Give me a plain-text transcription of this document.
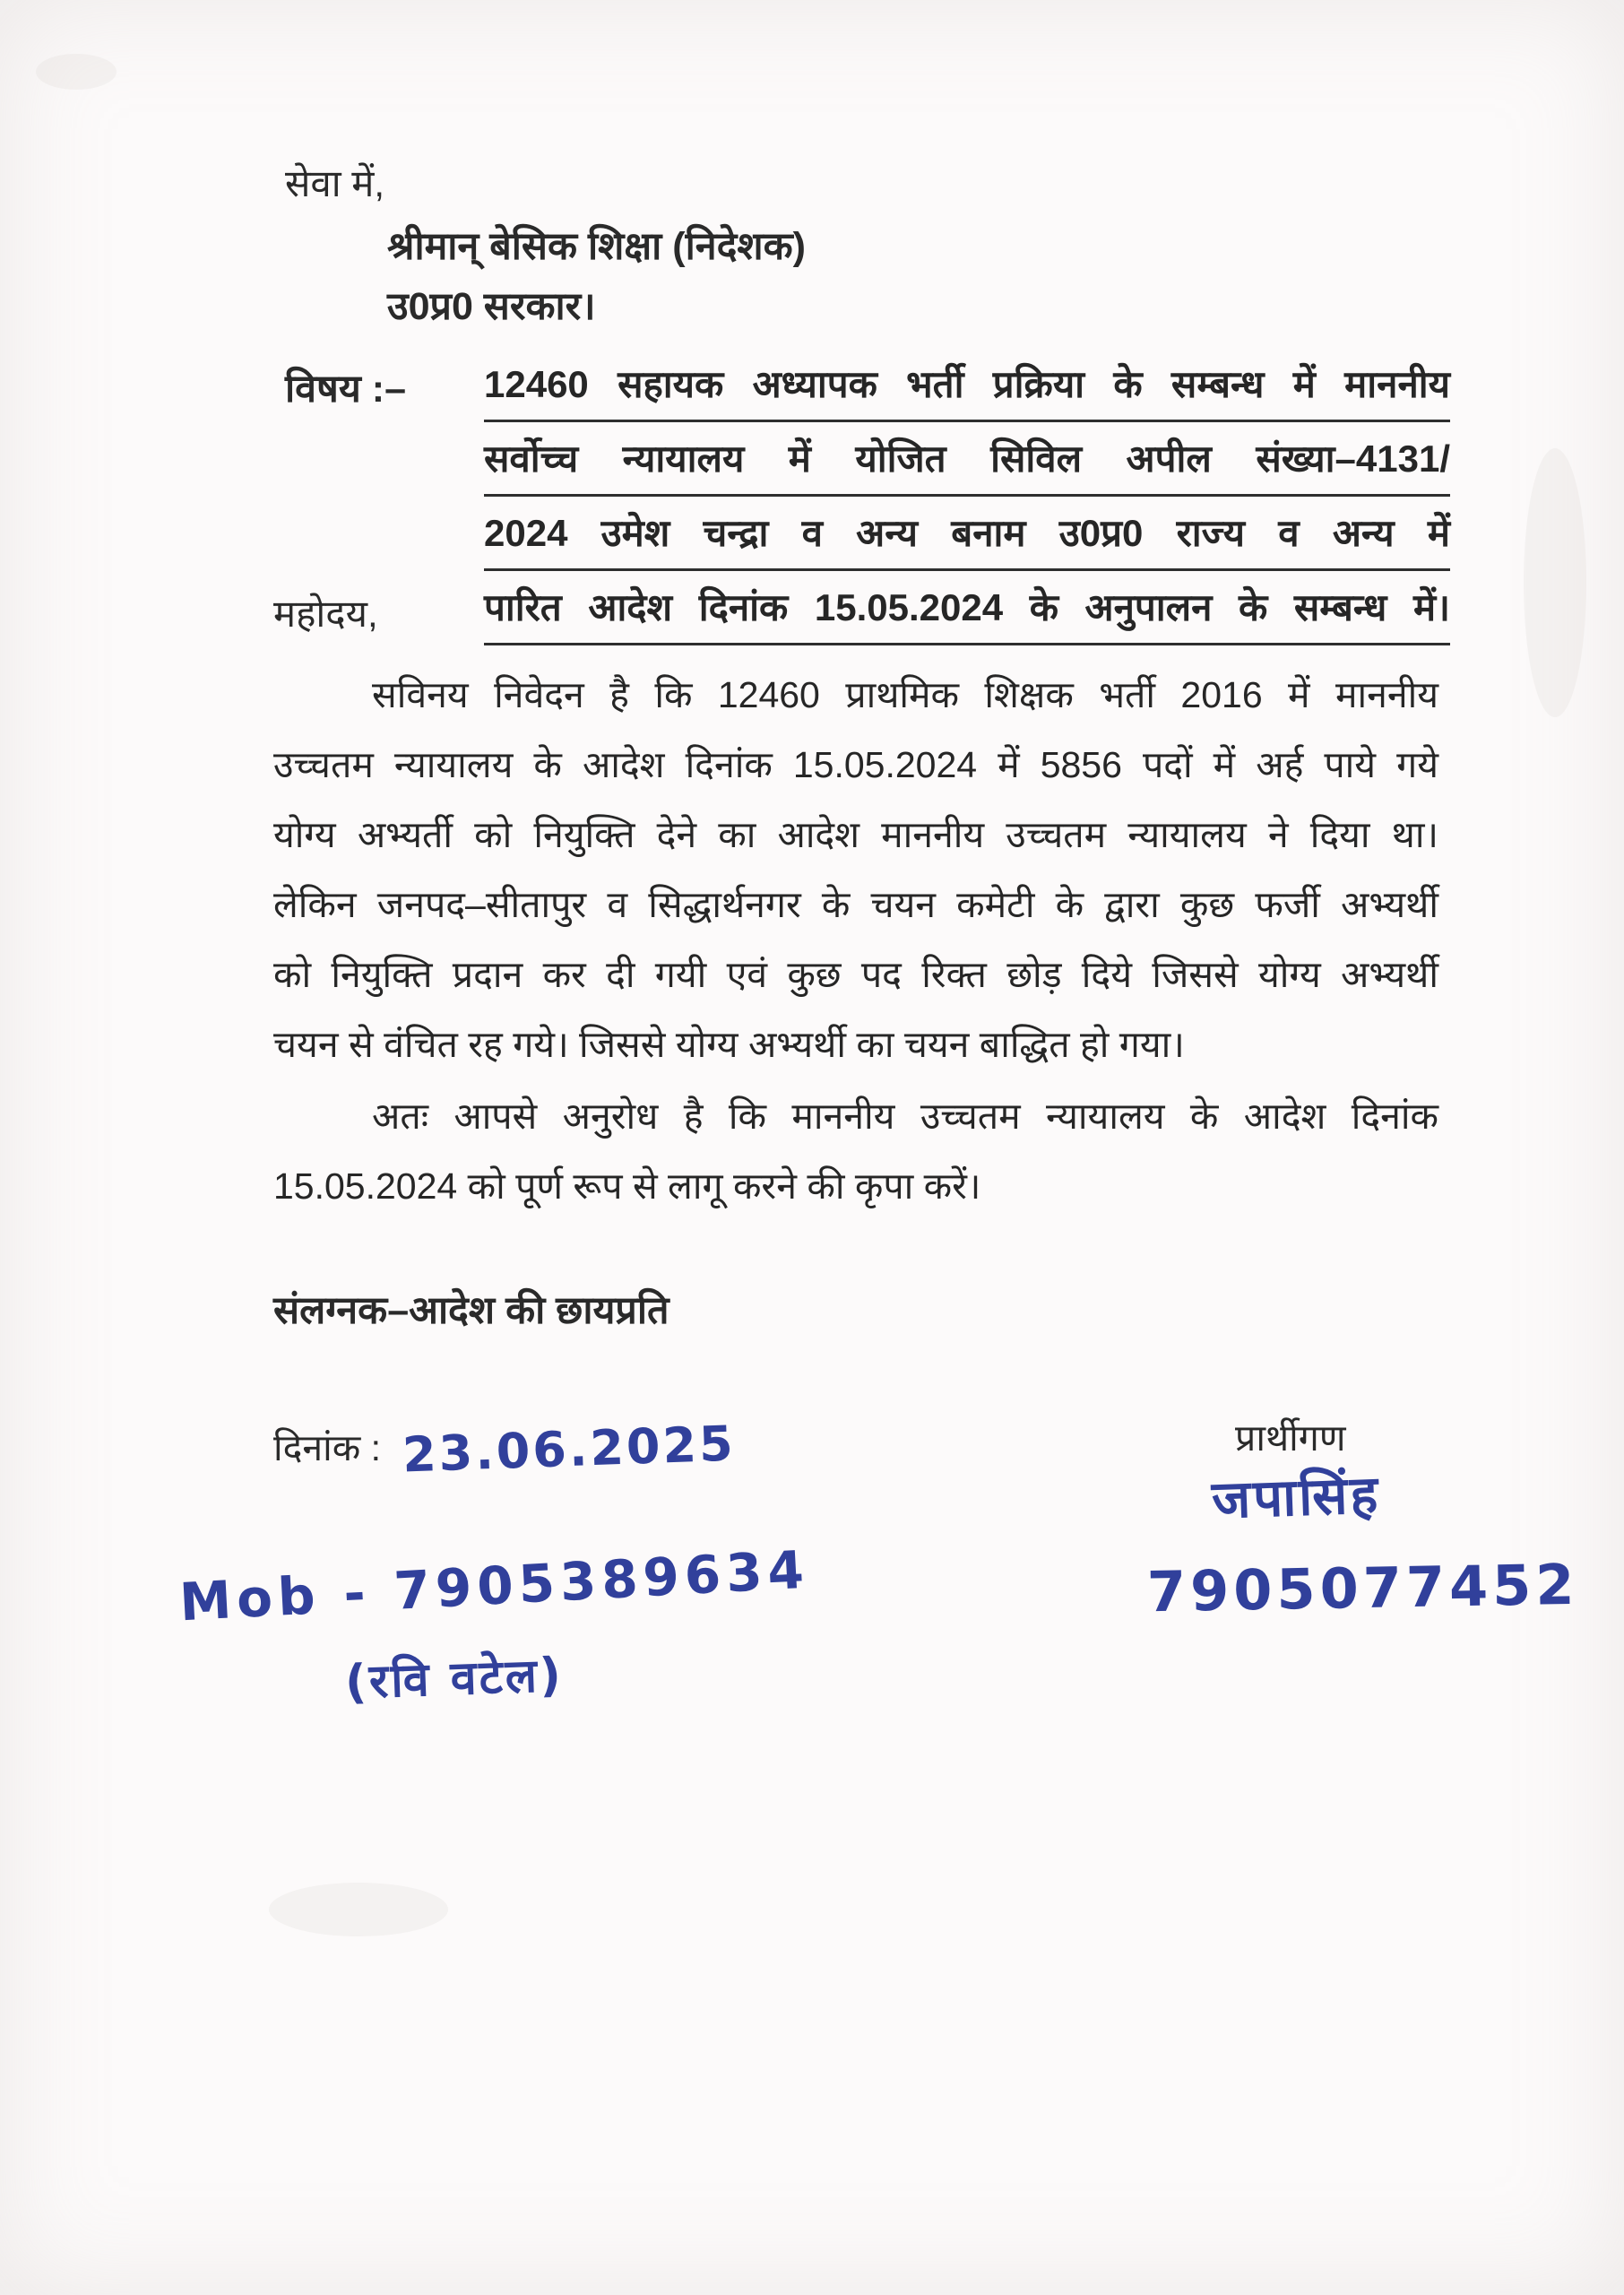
सेवा में,
श्रीमान् बेसिक शिक्षा (निदेशक)
उ0प्र0 सरकार।
विषय :– 12460 सहायक अध्यापक भर्ती प्रक्रिया के सम्बन्ध में माननीय
सर्वोच्च न्यायालय में योजित सिविल अपील संख्या–4131/
2024 उमेश चन्द्रा व अन्य बनाम उ0प्र0 राज्य व अन्य में
पारित आदेश दिनांक 15.05.2024 के अनुपालन के सम्बन्ध में।
महोदय,
सविनय निवेदन है कि 12460 प्राथमिक शिक्षक भर्ती 2016 में माननीय
उच्चतम न्यायालय के आदेश दिनांक 15.05.2024 में 5856 पदों में अर्ह पाये गये
योग्य अभ्यर्ती को नियुक्ति देने का आदेश माननीय उच्चतम न्यायालय ने दिया था।
लेकिन जनपद–सीतापुर व सिद्धार्थनगर के चयन कमेटी के द्वारा कुछ फर्जी अभ्यर्थी
को नियुक्ति प्रदान कर दी गयी एवं कुछ पद रिक्त छोड़ दिये जिससे योग्य अभ्यर्थी
चयन से वंचित रह गये। जिससे योग्य अभ्यर्थी का चयन बाद्धित हो गया।
अतः आपसे अनुरोध है कि माननीय उच्चतम न्यायालय के आदेश दिनांक
15.05.2024 को पूर्ण रूप से लागू करने की कृपा करें।
संलग्नक–आदेश की छायप्रति
दिनांक : 23.06.2025	प्रार्थीगण
जपासिंह
7905077452
Mob - 7905389634
(रवि वटेल)
